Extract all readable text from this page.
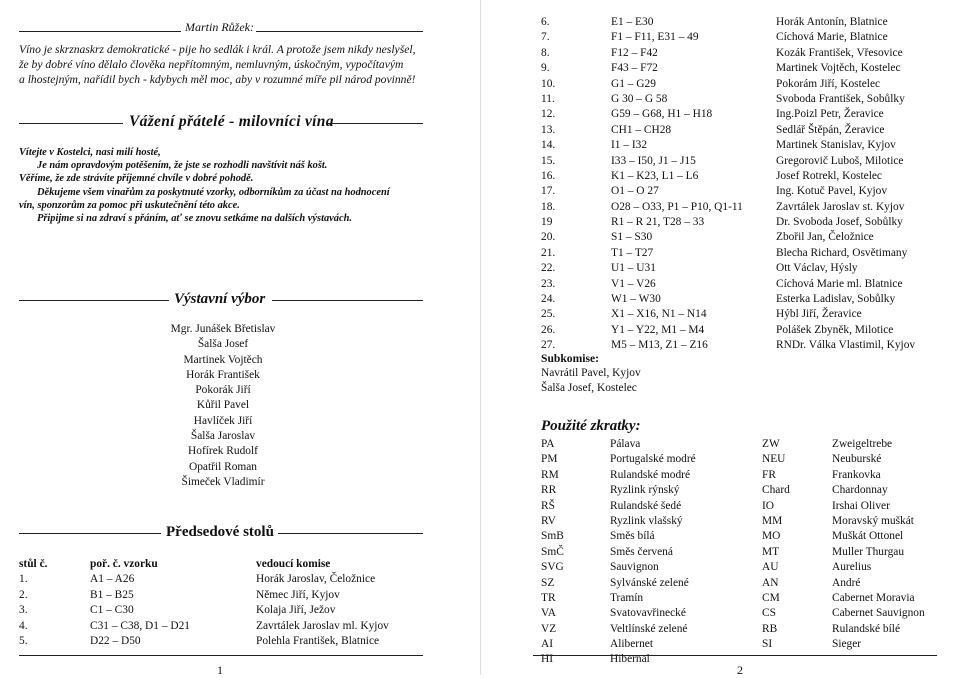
Martin Růžek:
Víno je skrznaskrz demokratické - pije ho sedlák i král. A protože jsem nikdy neslyšel,
že by dobré víno dělalo člověka nepřítomným, nemluvným, úskočným, vypočítavým
a lhostejným, nařídil bych - kdybych měl moc, aby v rozumné míře pil národ povinně!
Vážení přátelé - milovníci vína
Vítejte v Kostelci, nasi milí hosté,
Je nám opravdovým potěšením, že jste se rozhodli navštívit náš košt.
Věříme, že zde strávíte příjemné chvíle v dobré pohodě.
Děkujeme všem vinařům za poskytnuté vzorky, odborníkům za účast na hodnocení
vín, sponzorům za pomoc při uskutečnění této akce.
Připijme si na zdraví s přáním, ať se znovu setkáme na dalších výstavách.
Výstavní výbor
Mgr. Junášek Břetislav
Šalša Josef
Martinek Vojtěch
Horák František
Pokorák Jiří
Kůřil Pavel
Havlíček Jiří
Šalša Jaroslav
Hofírek Rudolf
Opatřil Roman
Šimeček Vladimír
Předsedové stolů
stůl č.	poř. č. vzorku	vedoucí komise
1.	A1 – A26	Horák Jaroslav, Čeložnice
2.	B1 – B25	Němec Jiří, Kyjov
3.	C1 – C30	Kolaja Jiří, Ježov
4.	C31 – C38, D1 – D21	Zavrtálek Jaroslav ml. Kyjov
5.	D22 – D50	Polehla František, Blatnice
1
6.	E1 – E30	Horák Antonín, Blatnice
7.	F1 – F11, E31 – 49	Cíchová Marie, Blatnice
8.	F12 – F42	Kozák František, Vřesovice
9.	F43 – F72	Martinek Vojtěch, Kostelec
10.	G1 – G29	Pokorám Jiří, Kostelec
11.	G 30 – G 58	Svoboda František, Sobůlky
12.	G59 – G68, H1 – H18	Ing.Poizl Petr, Žeravice
13.	CH1 – CH28	Sedlář Štěpán, Žeravice
14.	I1 – I32	Martinek Stanislav, Kyjov
15.	I33 – I50, J1 – J15	Gregorovič Luboš, Milotice
16.	K1 – K23, L1 – L6	Josef Rotrekl, Kostelec
17.	O1 – O 27	Ing. Kotuč Pavel, Kyjov
18.	O28 – O33, P1 – P10, Q1-11	Zavrtálek Jaroslav st. Kyjov
19	R1 – R 21, T28 – 33	Dr. Svoboda Josef, Sobůlky
20.	S1 – S30	Zbořil Jan, Čeložnice
21.	T1 – T27	Blecha Richard, Osvětimany
22.	U1 – U31	Ott Václav, Hýsly
23.	V1 – V26	Cíchová Marie ml. Blatnice
24.	W1 – W30	Esterka Ladislav, Sobůlky
25.	X1 – X16, N1 – N14	Hýbl Jiří, Žeravice
26.	Y1 – Y22, M1 – M4	Polášek Zbyněk, Milotice
27.	M5 – M13, Z1 – Z16	RNDr. Válka Vlastimil, Kyjov
Subkomise:
Navrátil Pavel, Kyjov
Šalša Josef, Kostelec
Použité zkratky:
PA	Pálava	ZW	Zweigeltrebe
PM	Portugalské modré	NEU	Neuburské
RM	Rulandské modré	FR	Frankovka
RR	Ryzlink rýnský	Chard	Chardonnay
RŠ	Rulandské šedé	IO	Irshai Oliver
RV	Ryzlink vlašský	MM	Moravský muškát
SmB	Směs bílá	MO	Muškát Ottonel
SmČ	Směs červená	MT	Muller Thurgau
SVG	Sauvignon	AU	Aurelius
SZ	Sylvánské zelené	AN	André
TR	Tramín	CM	Cabernet Moravia
VA	Svatovavřinecké	CS	Cabernet Sauvignon
VZ	Veltlínské zelené	RB	Rulandské bílé
AI	Alibernet	SI	Sieger
HI	Hibernal
2
